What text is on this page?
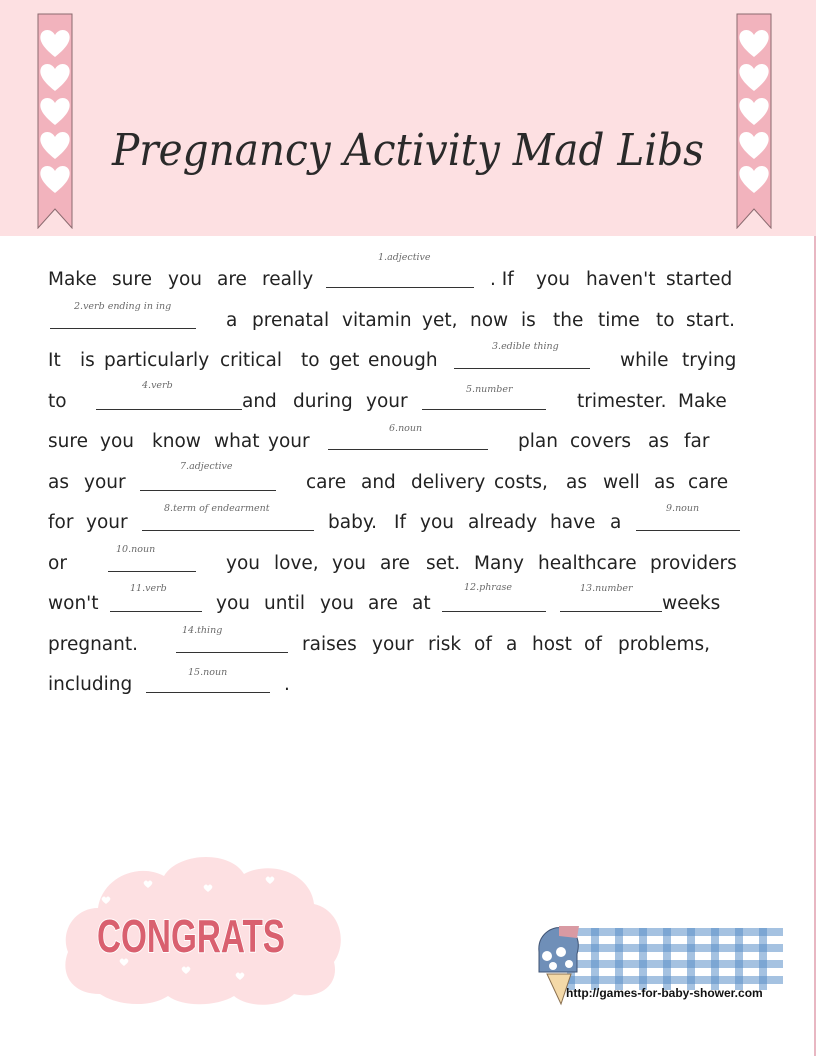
Pregnancy Activity Mad Libs
1.adjective
Make sure you are really	. If you haven't started
2.verb ending in ing
a prenatal vitamin yet, now is the time to start.
3.edible thing
It is particularly critical to get enough	while trying
4.verb	5.number
to	and during your	trimester. Make
6.noun
sure you know what your	plan covers as far
7.adjective
as your	care and delivery costs, as well as care
8.term of endearment	9.noun
for your	baby. If you already have a
10.noun
or	you love, you are set. Many healthcare providers
11.verb	12.phrase	13.number
won't	you until you are at	weeks
14.thing
pregnant.	raises your risk of a host of problems,
15.noun
including	.
CONGRATS
http://games-for-baby-shower.com
